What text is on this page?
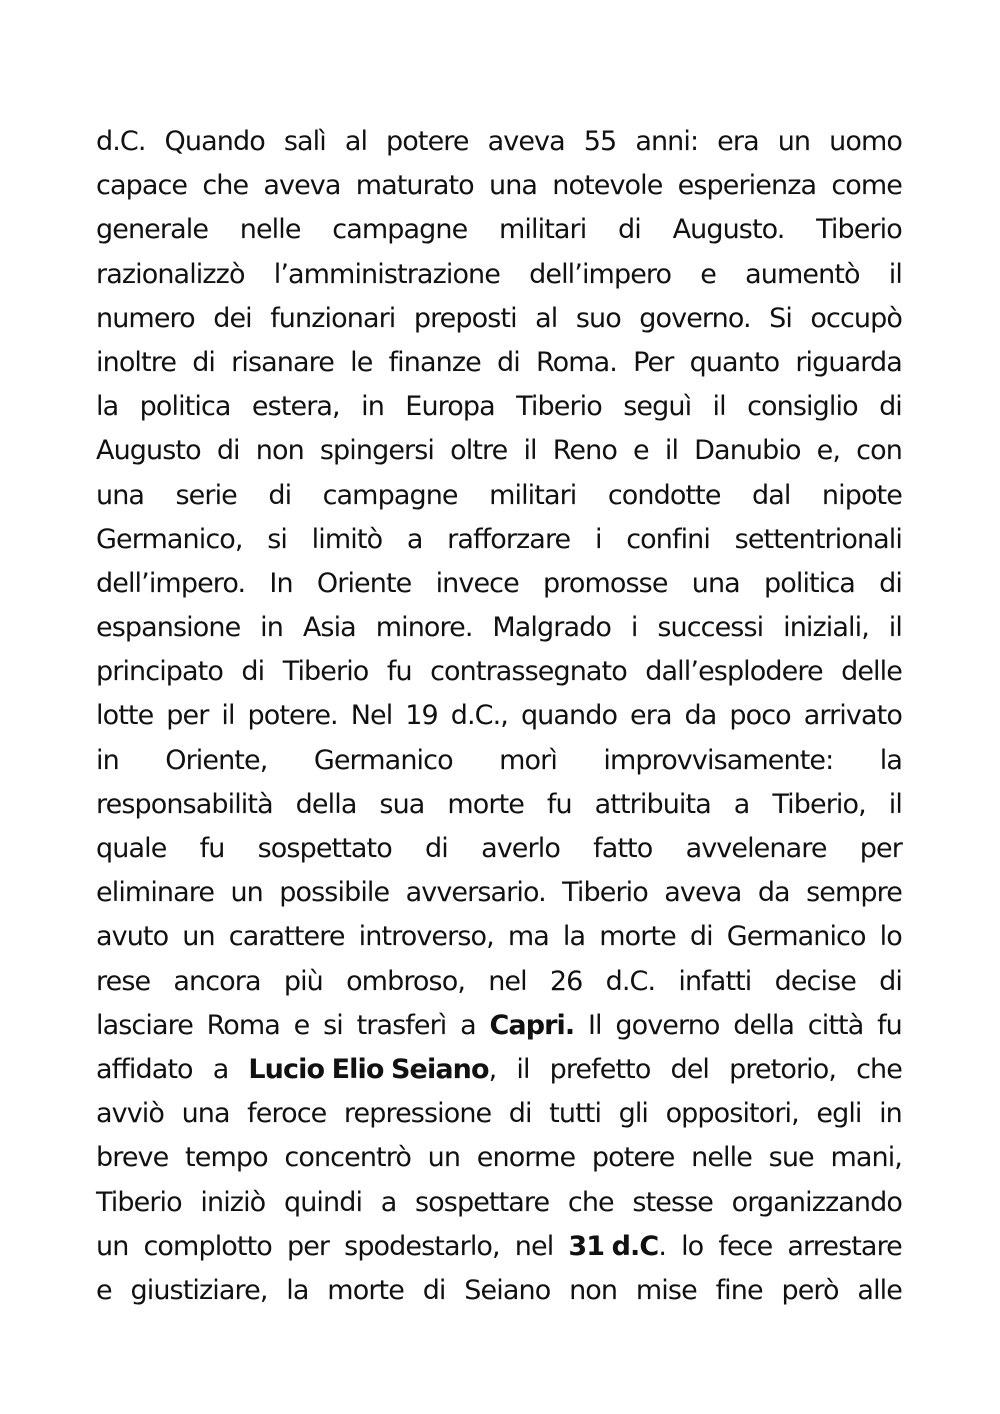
d.C. Quando salì al potere aveva 55 anni: era un uomo
capace che aveva maturato una notevole esperienza come
generale nelle campagne militari di Augusto. Tiberio
razionalizzò l’amministrazione dell’impero e aumentò il
numero dei funzionari preposti al suo governo. Si occupò
inoltre di risanare le finanze di Roma. Per quanto riguarda
la politica estera, in Europa Tiberio seguì il consiglio di
Augusto di non spingersi oltre il Reno e il Danubio e, con
una serie di campagne militari condotte dal nipote
Germanico, si limitò a rafforzare i confini settentrionali
dell’impero. In Oriente invece promosse una politica di
espansione in Asia minore. Malgrado i successi iniziali, il
principato di Tiberio fu contrassegnato dall’esplodere delle
lotte per il potere. Nel 19 d.C., quando era da poco arrivato
in Oriente, Germanico morì improvvisamente: la
responsabilità della sua morte fu attribuita a Tiberio, il
quale fu sospettato di averlo fatto avvelenare per
eliminare un possibile avversario. Tiberio aveva da sempre
avuto un carattere introverso, ma la morte di Germanico lo
rese ancora più ombroso, nel 26 d.C. infatti decise di
lasciare Roma e si trasferì a Capri. Il governo della città fu
affidato a Lucio Elio Seiano, il prefetto del pretorio, che
avviò una feroce repressione di tutti gli oppositori, egli in
breve tempo concentrò un enorme potere nelle sue mani,
Tiberio iniziò quindi a sospettare che stesse organizzando
un complotto per spodestarlo, nel 31 d.C. lo fece arrestare
e giustiziare, la morte di Seiano non mise fine però alle
